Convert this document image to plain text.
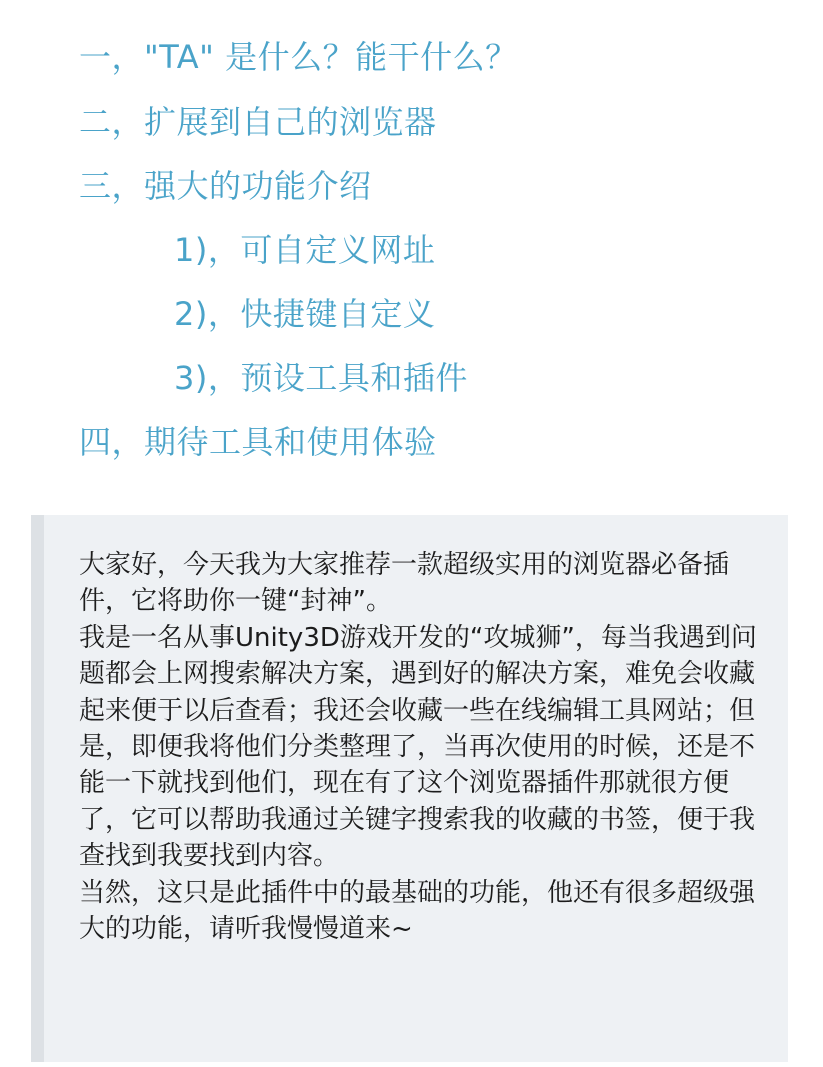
一，"TA" 是什么？能干什么？
二，扩展到自己的浏览器
三，强大的功能介绍
1)，可自定义网址
2)，快捷键自定义
3)，预设工具和插件
四，期待工具和使用体验

大家好，今天我为大家推荐一款超级实用的浏览器必备插件，它将助你一键“封神”。

我是一名从事Unity3D游戏开发的“攻城狮”，每当我遇到问题都会上网搜索解决方案，遇到好的解决方案，难免会收藏起来便于以后查看；我还会收藏一些在线编辑工具网站；但是，即便我将他们分类整理了，当再次使用的时候，还是不能一下就找到他们，现在有了这个浏览器插件那就很方便了，它可以帮助我通过关键字搜索我的收藏的书签，便于我查找到我要找到内容。

当然，这只是此插件中的最基础的功能，他还有很多超级强大的功能，请听我慢慢道来~
